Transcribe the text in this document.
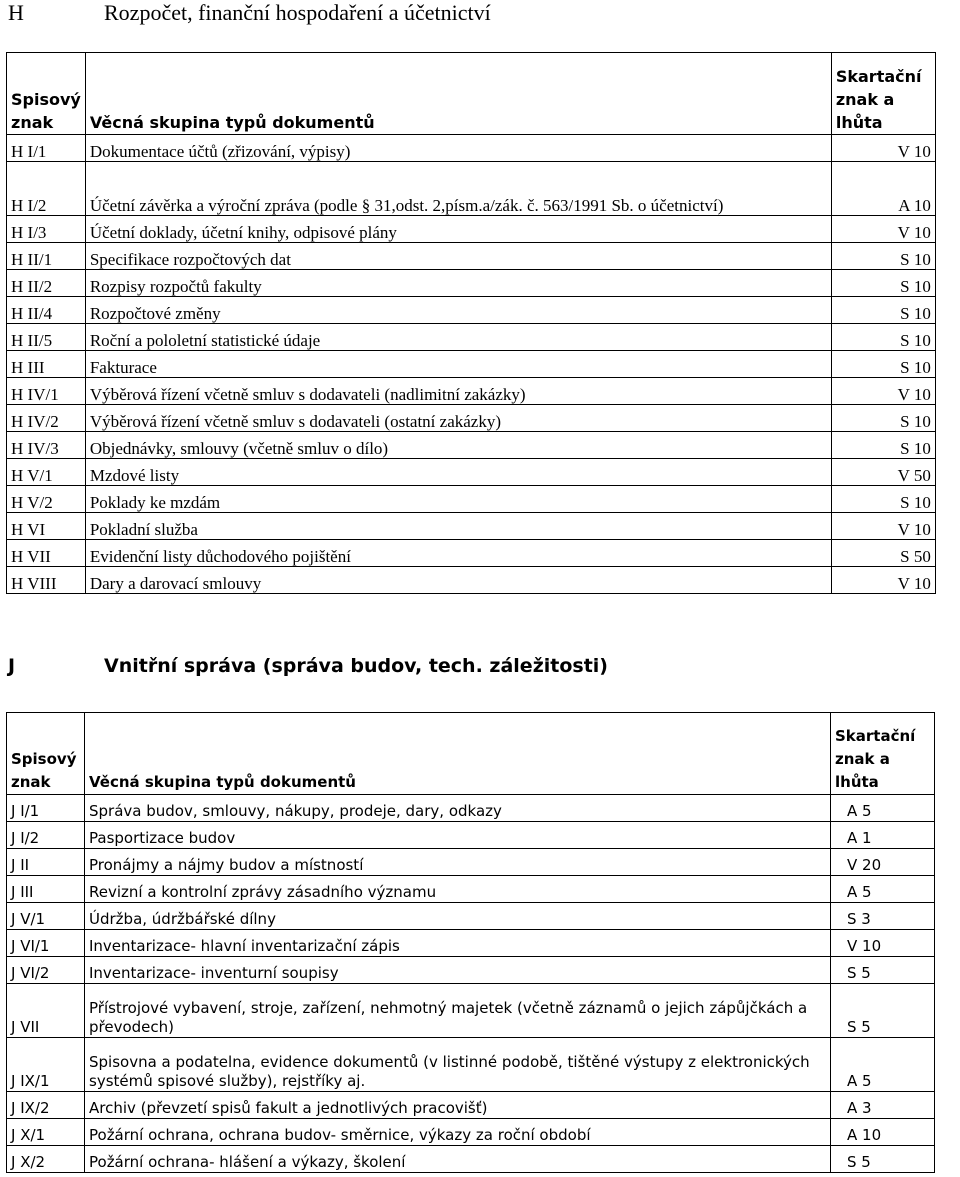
H	Rozpočet, finanční hospodaření a účetnictví
Spisový znak	Věcná skupina typů dokumentů	Skartační znak a lhůta
H I/1	Dokumentace účtů (zřizování, výpisy)	V 10
H I/2	Účetní závěrka a výroční zpráva (podle § 31,odst. 2,písm.a/zák. č. 563/1991 Sb. o účetnictví)	A 10
H I/3	Účetní doklady, účetní knihy, odpisové plány	V 10
H II/1	Specifikace rozpočtových dat	S 10
H II/2	Rozpisy rozpočtů fakulty	S 10
H II/4	Rozpočtové změny	S 10
H II/5	Roční a pololetní statistické údaje	S 10
H III	Fakturace	S 10
H IV/1	Výběrová řízení včetně smluv s dodavateli (nadlimitní zakázky)	V 10
H IV/2	Výběrová řízení včetně smluv s dodavateli (ostatní zakázky)	S 10
H IV/3	Objednávky, smlouvy (včetně smluv o dílo)	S 10
H V/1	Mzdové listy	V 50
H V/2	Poklady ke mzdám	S 10
H VI	Pokladní služba	V 10
H VII	Evidenční listy důchodového pojištění	S 50
H VIII	Dary a darovací smlouvy	V 10
J	Vnitřní správa (správa budov, tech. záležitosti)
Spisový znak	Věcná skupina typů dokumentů	Skartační znak a lhůta
J I/1	Správa budov, smlouvy, nákupy, prodeje, dary, odkazy	A 5
J I/2	Pasportizace budov	A 1
J II	Pronájmy a nájmy budov a místností	V 20
J III	Revizní a kontrolní zprávy zásadního významu	A 5
J V/1	Údržba, údržbářské dílny	S 3
J VI/1	Inventarizace- hlavní inventarizační zápis	V 10
J VI/2	Inventarizace- inventurní soupisy	S 5
J VII	Přístrojové vybavení, stroje, zařízení, nehmotný majetek (včetně záznamů o jejich zápůjčkách a převodech)	S 5
J IX/1	Spisovna a podatelna, evidence dokumentů (v listinné podobě, tištěné výstupy z elektronických systémů spisové služby), rejstříky aj.	A 5
J IX/2	Archiv (převzetí spisů fakult a jednotlivých pracovišť)	A 3
J X/1	Požární ochrana, ochrana budov- směrnice, výkazy za roční období	A 10
J X/2	Požární ochrana- hlášení a výkazy, školení	S 5
